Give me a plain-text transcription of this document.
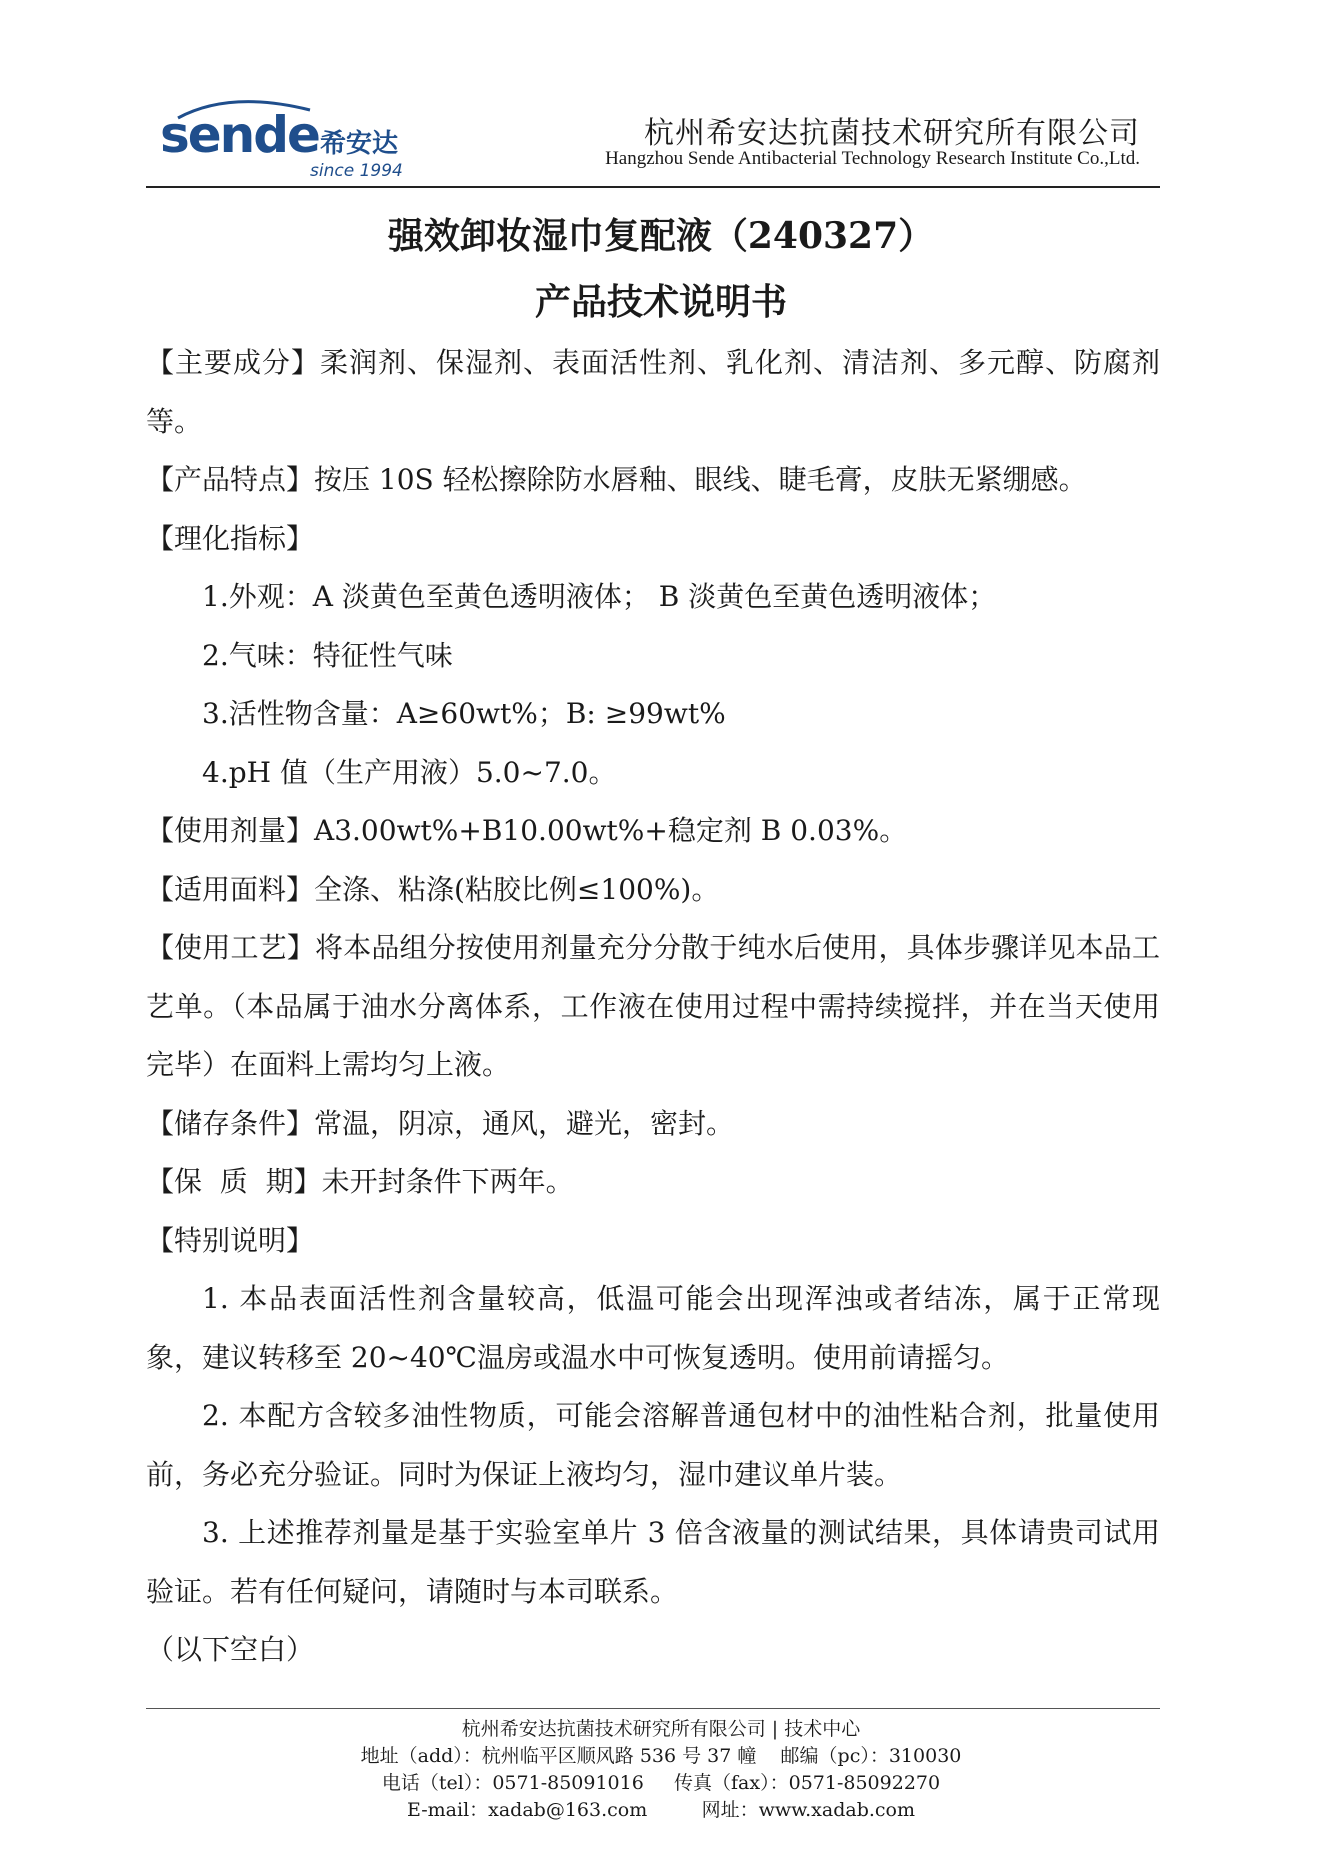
sende 希安达
since 1994
杭州希安达抗菌技术研究所有限公司
Hangzhou Sende Antibacterial Technology Research Institute Co.,Ltd.
强效卸妆湿巾复配液（240327）
产品技术说明书

【主要成分】柔润剂、保湿剂、表面活性剂、乳化剂、清洁剂、多元醇、防腐剂等。

【产品特点】按压 10S 轻松擦除防水唇釉、眼线、睫毛膏，皮肤无紧绷感。

【理化指标】

1.外观：A 淡黄色至黄色透明液体； B 淡黄色至黄色透明液体；

2.气味：特征性气味

3.活性物含量：A≥60wt%；B: ≥99wt%

4.pH 值（生产用液）5.0~7.0。

【使用剂量】A3.00wt%+B10.00wt%+稳定剂 B 0.03%。

【适用面料】全涤、粘涤(粘胶比例≤100%)。

【使用工艺】将本品组分按使用剂量充分分散于纯水后使用，具体步骤详见本品工艺单。（本品属于油水分离体系，工作液在使用过程中需持续搅拌，并在当天使用完毕）在面料上需均匀上液。

【储存条件】常温，阴凉，通风，避光，密封。

【保  质  期】未开封条件下两年。

【特别说明】

1. 本品表面活性剂含量较高，低温可能会出现浑浊或者结冻，属于正常现象，建议转移至 20~40℃温房或温水中可恢复透明。使用前请摇匀。

2. 本配方含较多油性物质，可能会溶解普通包材中的油性粘合剂，批量使用前，务必充分验证。同时为保证上液均匀，湿巾建议单片装。

3. 上述推荐剂量是基于实验室单片 3 倍含液量的测试结果，具体请贵司试用验证。若有任何疑问，请随时与本司联系。

（以下空白）

杭州希安达抗菌技术研究所有限公司 | 技术中心
地址（add）：杭州临平区顺风路 536 号 37 幢    邮编（pc）：310030
电话（tel）：0571-85091016     传真（fax）：0571-85092270
E-mail：xadab@163.com         网址：www.xadab.com
